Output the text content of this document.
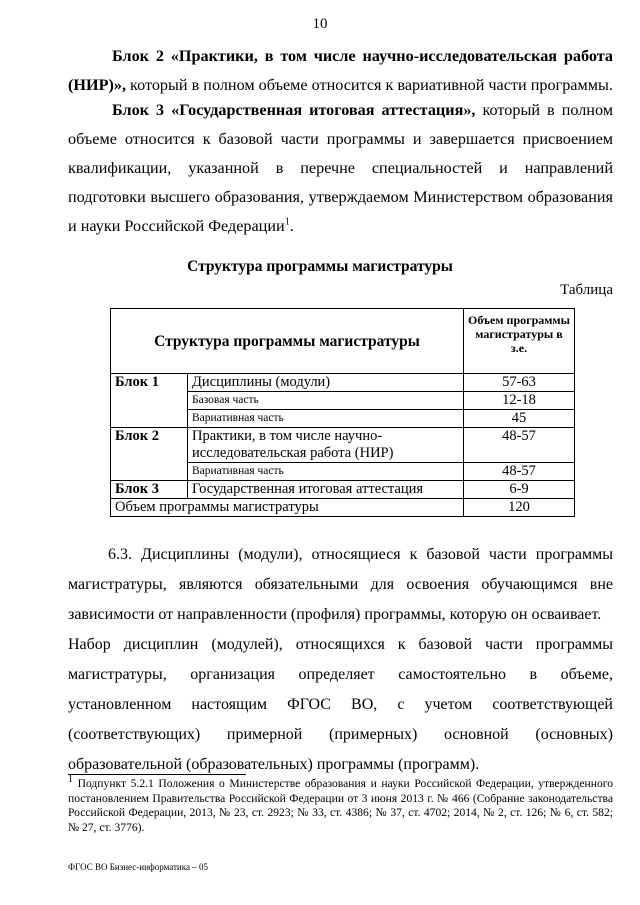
10

Блок 2 «Практики, в том числе научно-исследовательская работа (НИР)», который в полном объеме относится к вариативной части программы.

Блок 3 «Государственная итоговая аттестация», который в полном объеме относится к базовой части программы и завершается присвоением квалификации, указанной в перечне специальностей и направлений подготовки высшего образования, утверждаемом Министерством образования и науки Российской Федерации$^1$.

Структура программы магистратуры
Таблица
Структура программы магистратуры		Объем программы магистратуры в з.е.
Блок 1	Дисциплины (модули)	57-63
	Базовая часть	12-18
	Вариативная часть	45
Блок 2	Практики, в том числе научно-исследовательская работа (НИР)	48-57
	Вариативная часть	48-57
Блок 3	Государственная итоговая аттестация	6-9
Объем программы магистратуры		120

6.3. Дисциплины (модули), относящиеся к базовой части программы магистратуры, являются обязательными для освоения обучающимся вне зависимости от направленности (профиля) программы, которую он осваивает.

Набор дисциплин (модулей), относящихся к базовой части программы магистратуры, организация определяет самостоятельно в объеме, установленном настоящим ФГОС ВО, с учетом соответствующей (соответствующих) примерной (примерных) основной (основных) образовательной (образовательных) программы (программ).

1 Подпункт 5.2.1 Положения о Министерстве образования и науки Российской Федерации, утвержденного постановлением Правительства Российской Федерации от 3 июня 2013 г. № 466 (Собрание законодательства Российской Федерации, 2013, № 23, ст. 2923; № 33, ст. 4386; № 37, ст. 4702; 2014, № 2, ст. 126; № 6, ст. 582; № 27, ст. 3776).

ФГОС ВО Бизнес-информатика – 05
